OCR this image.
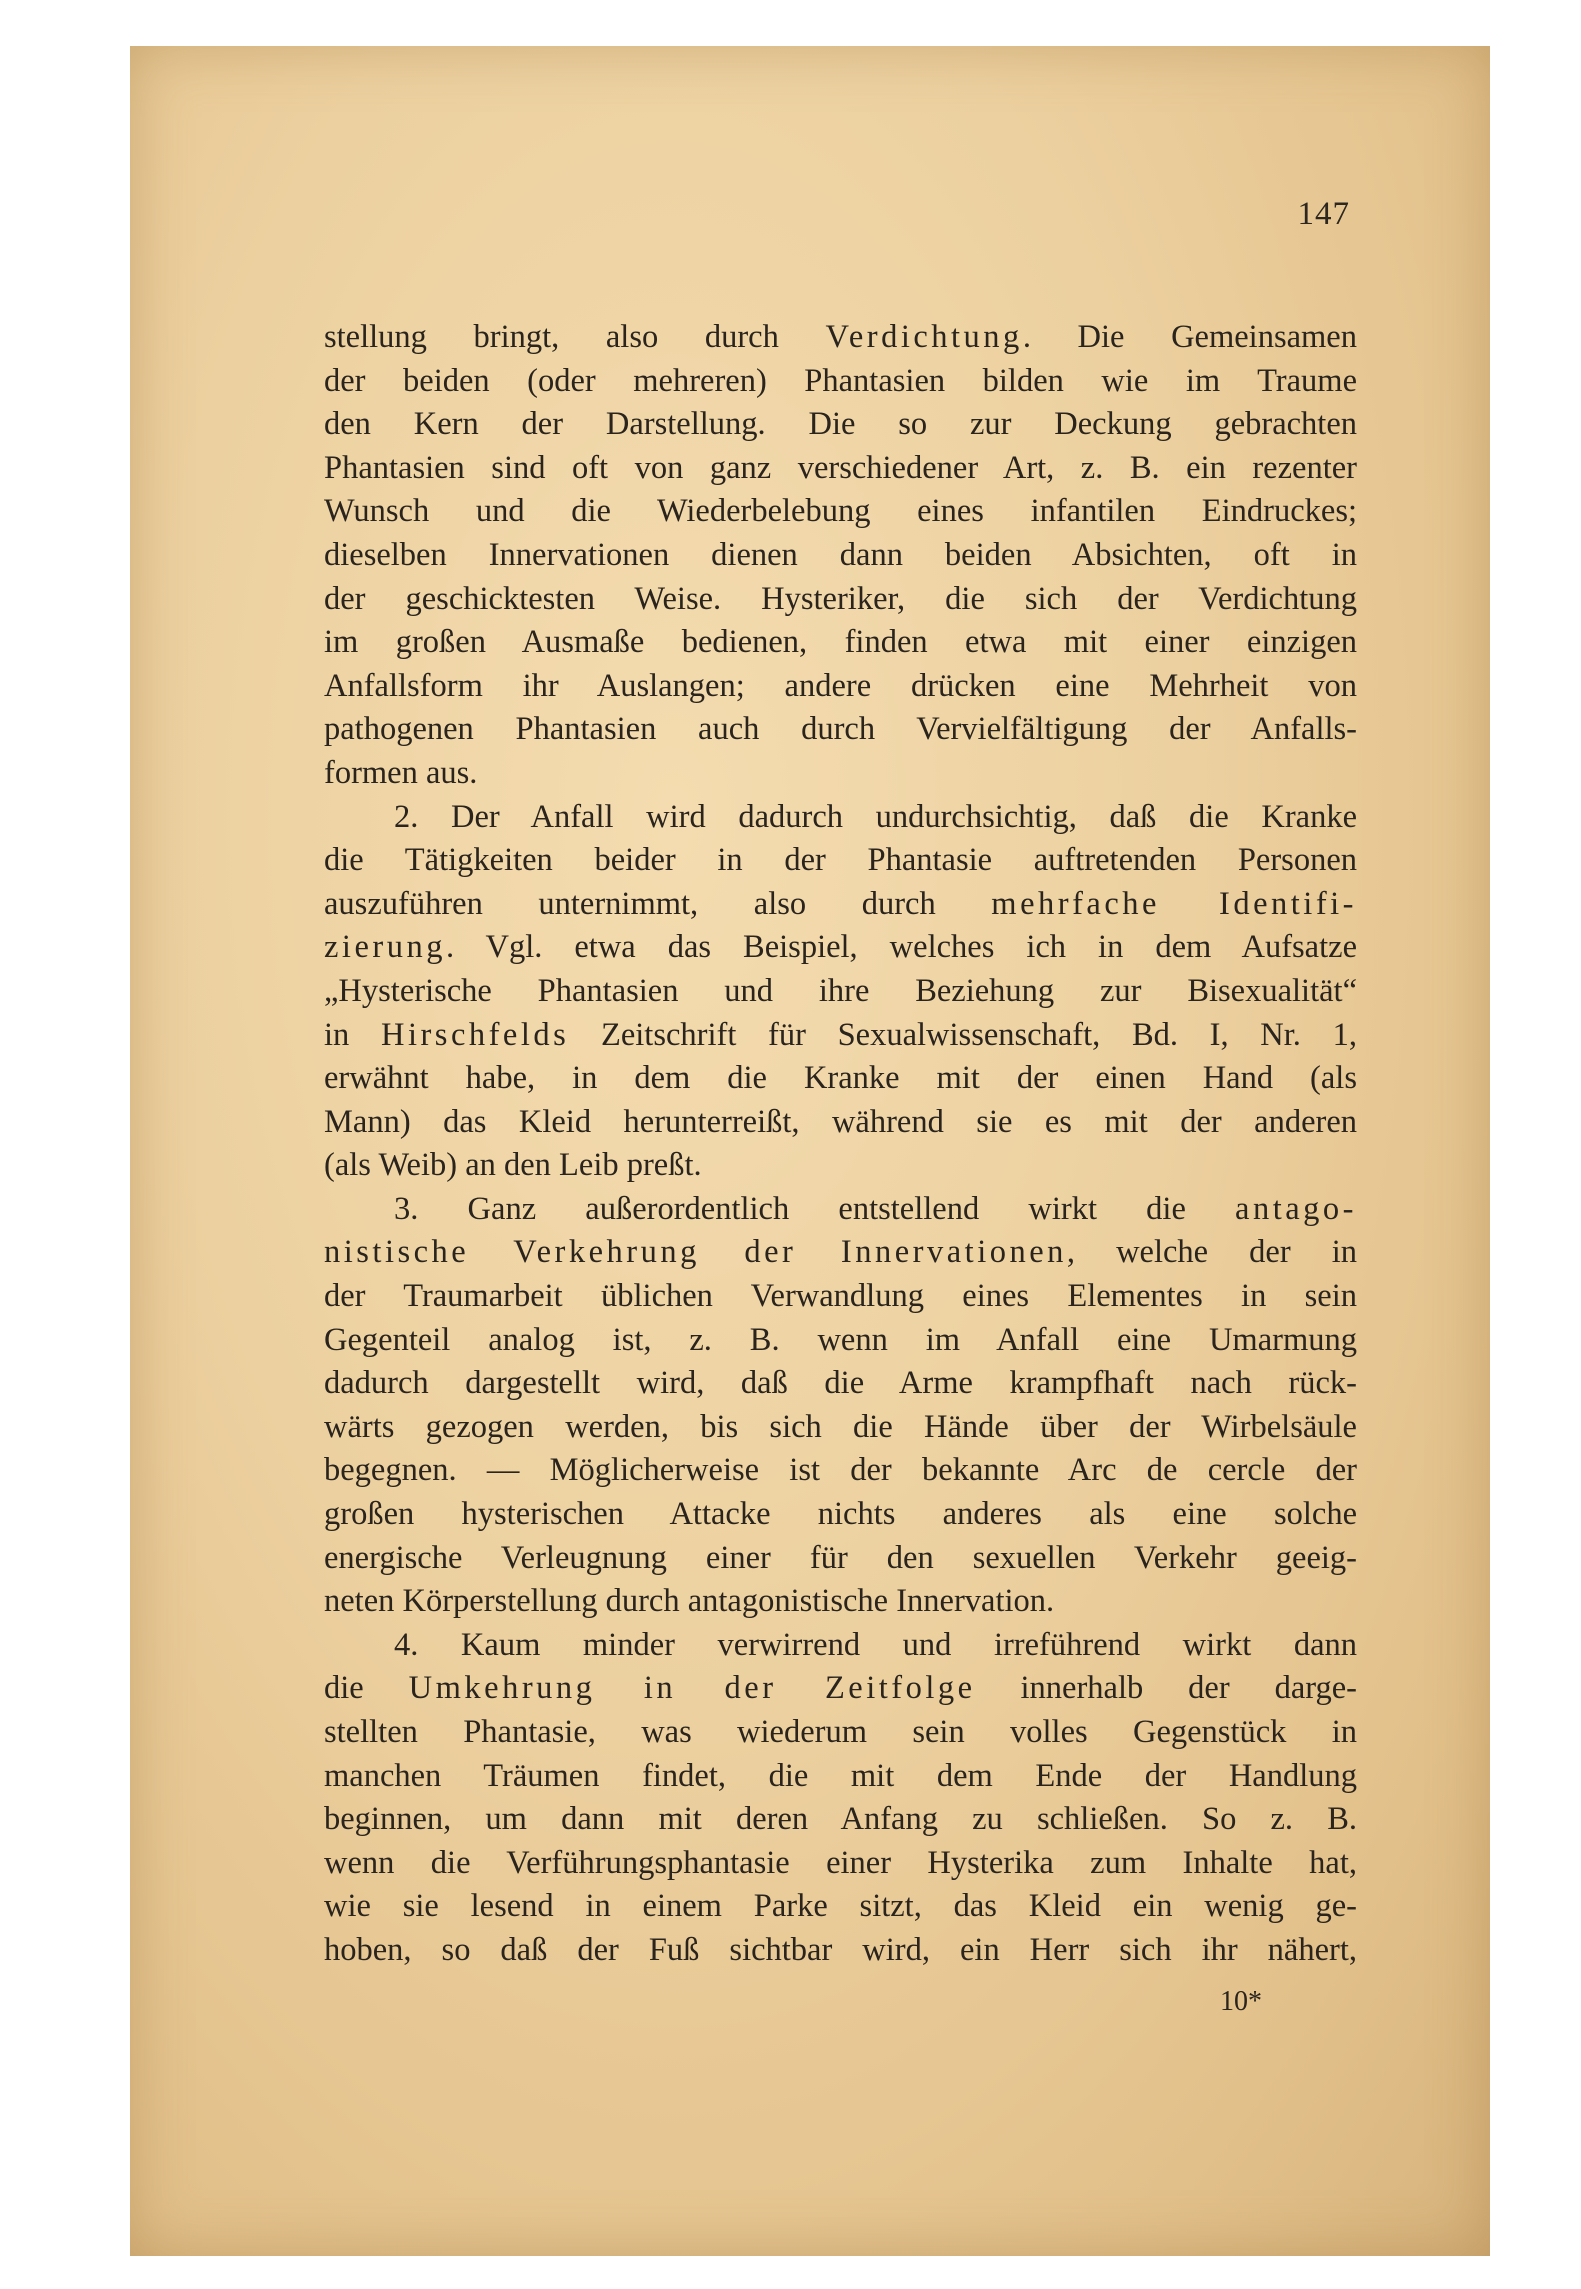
147
stellung bringt, also durch Verdichtung. Die Gemeinsamen
der beiden (oder mehreren) Phantasien bilden wie im Traume
den Kern der Darstellung. Die so zur Deckung gebrachten
Phantasien sind oft von ganz verschiedener Art, z. B. ein rezenter
Wunsch und die Wiederbelebung eines infantilen Eindruckes;
dieselben Innervationen dienen dann beiden Absichten, oft in
der geschicktesten Weise. Hysteriker, die sich der Verdichtung
im großen Ausmaße bedienen, finden etwa mit einer einzigen
Anfallsform ihr Auslangen; andere drücken eine Mehrheit von
pathogenen Phantasien auch durch Vervielfältigung der Anfalls-
formen aus.
2. Der Anfall wird dadurch undurchsichtig, daß die Kranke
die Tätigkeiten beider in der Phantasie auftretenden Personen
auszuführen unternimmt, also durch mehrfache Identifi-
zierung. Vgl. etwa das Beispiel, welches ich in dem Aufsatze
„Hysterische Phantasien und ihre Beziehung zur Bisexualität“
in Hirschfelds Zeitschrift für Sexualwissenschaft, Bd. I, Nr. 1,
erwähnt habe, in dem die Kranke mit der einen Hand (als
Mann) das Kleid herunterreißt, während sie es mit der anderen
(als Weib) an den Leib preßt.
3. Ganz außerordentlich entstellend wirkt die antago-
nistische Verkehrung der Innervationen, welche der in
der Traumarbeit üblichen Verwandlung eines Elementes in sein
Gegenteil analog ist, z. B. wenn im Anfall eine Umarmung
dadurch dargestellt wird, daß die Arme krampfhaft nach rück-
wärts gezogen werden, bis sich die Hände über der Wirbelsäule
begegnen. — Möglicherweise ist der bekannte Arc de cercle der
großen hysterischen Attacke nichts anderes als eine solche
energische Verleugnung einer für den sexuellen Verkehr geeig-
neten Körperstellung durch antagonistische Innervation.
4. Kaum minder verwirrend und irreführend wirkt dann
die Umkehrung in der Zeitfolge innerhalb der darge-
stellten Phantasie, was wiederum sein volles Gegenstück in
manchen Träumen findet, die mit dem Ende der Handlung
beginnen, um dann mit deren Anfang zu schließen. So z. B.
wenn die Verführungsphantasie einer Hysterika zum Inhalte hat,
wie sie lesend in einem Parke sitzt, das Kleid ein wenig ge-
hoben, so daß der Fuß sichtbar wird, ein Herr sich ihr nähert,
10*
